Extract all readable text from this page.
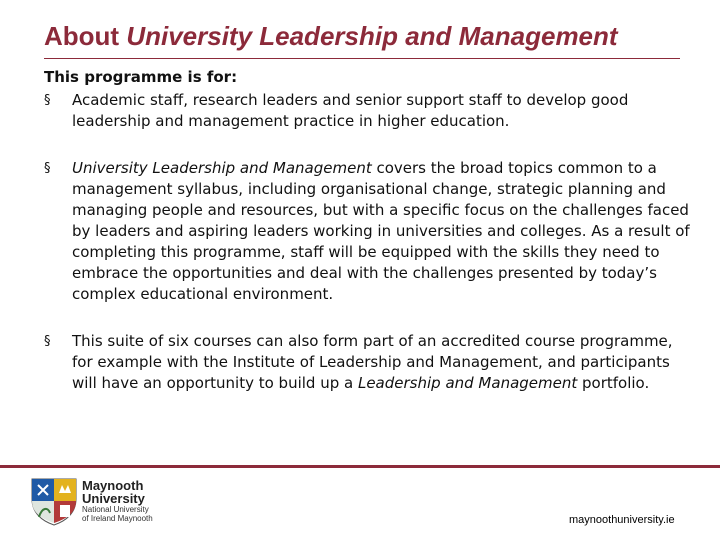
About University Leadership and Management

This programme is for:

§ Academic staff, research leaders and senior support staff to develop good leadership and management practice in higher education.
§ University Leadership and Management covers the broad topics common to a management syllabus, including organisational change, strategic planning and managing people and resources, but with a specific focus on the challenges faced by leaders and aspiring leaders working in universities and colleges. As a result of completing this programme, staff will be equipped with the skills they need to embrace the opportunities and deal with the challenges presented by today’s complex educational environment.
§ This suite of six courses can also form part of an accredited course programme, for example with the Institute of Leadership and Management, and participants will have an opportunity to build up a Leadership and Management portfolio.
Maynooth
University
National University
of Ireland Maynooth	maynoothuniversity.ie
